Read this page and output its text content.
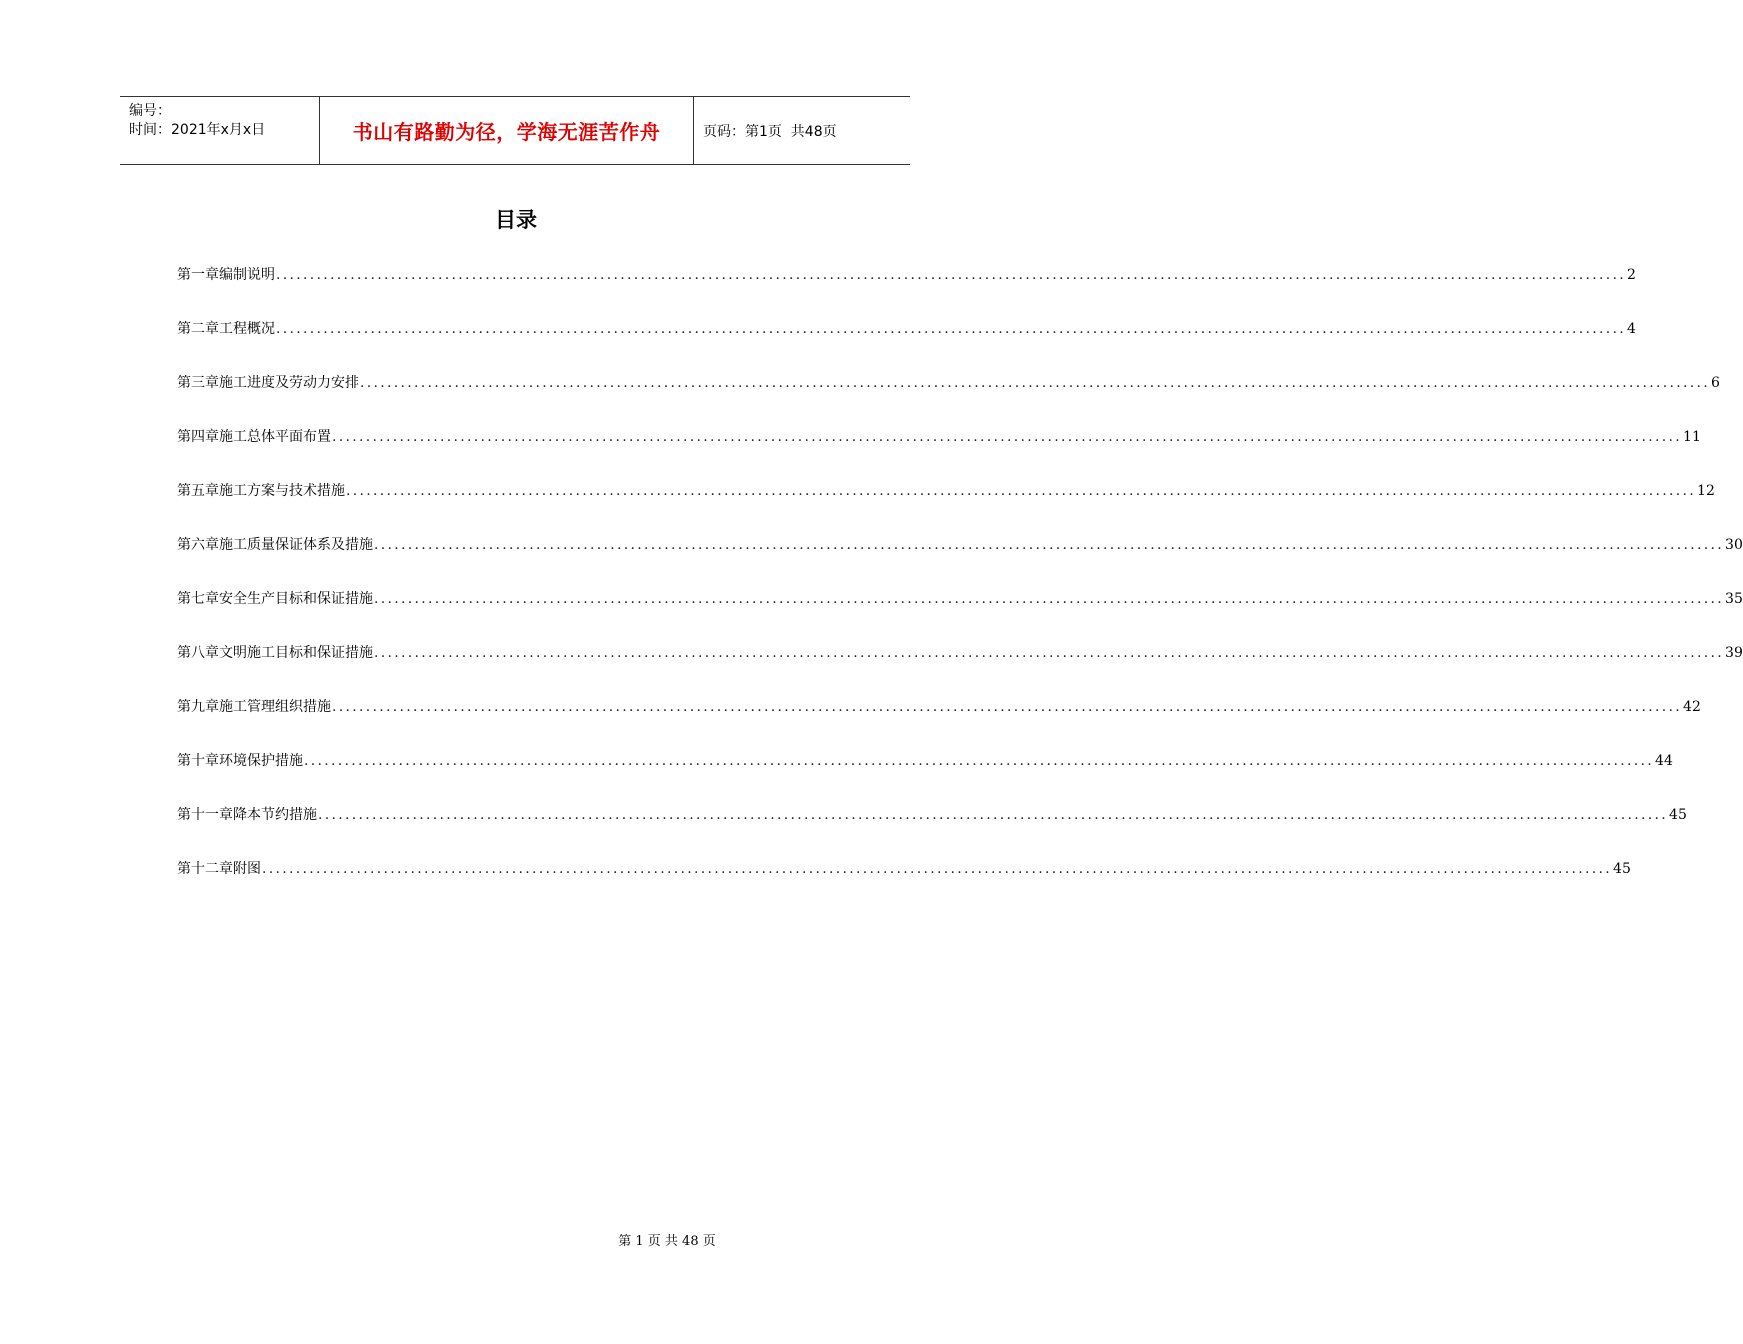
编号：
时间：2021年x月x日	书山有路勤为径，学海无涯苦作舟	页码：第1页  共48页
目录
第一章 编制说明 ........................................................................................................................................................................................................ 2
第二章 工程概况 ........................................................................................................................................................................................................ 4
第三章 施工进度及劳动力安排 ........................................................................................................................................................................................................ 6
第四章 施工总体平面布置 ........................................................................................................................................................................................................ 11
第五章 施工方案与技术措施 ........................................................................................................................................................................................................ 12
第六章 施工质量保证体系及措施 ........................................................................................................................................................................................................ 30
第七章 安全生产目标和保证措施 ........................................................................................................................................................................................................ 35
第八章 文明施工目标和保证措施 ........................................................................................................................................................................................................ 39
第九章 施工管理组织措施 ........................................................................................................................................................................................................ 42
第十章 环境保护措施 ........................................................................................................................................................................................................ 44
第十一章 降本节约措施 ........................................................................................................................................................................................................ 45
第十二章 附图 ........................................................................................................................................................................................................ 45
第 1 页 共 48 页
